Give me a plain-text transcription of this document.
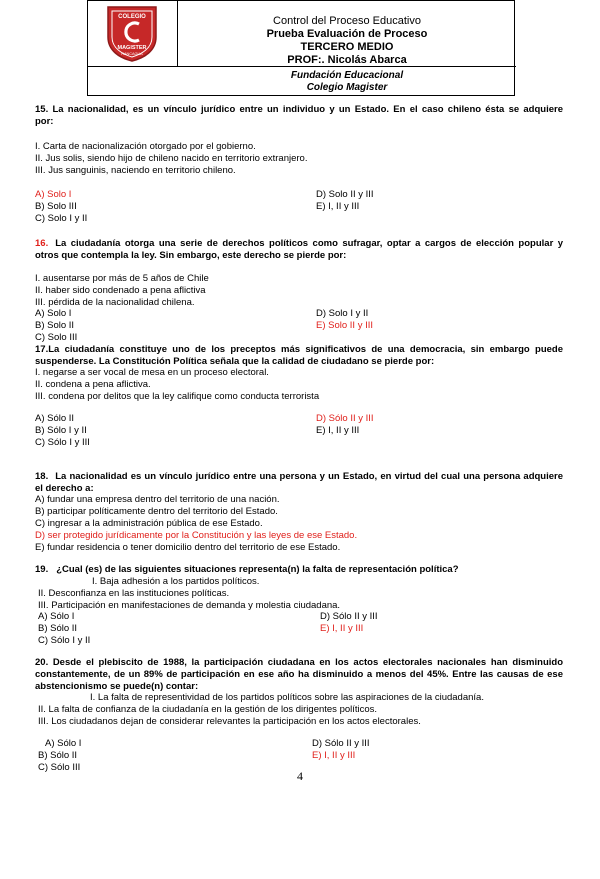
COLEGIO
MAGISTER
RANCAGUA
Control del Proceso Educativo
Prueba Evaluación de Proceso
TERCERO MEDIO
PROF:. Nicolás Abarca
Fundación Educacional
Colegio Magister
15. La nacionalidad, es un vínculo jurídico entre un individuo y un Estado. En el caso chileno ésta se adquiere
por:
I. Carta de nacionalización otorgado por el gobierno.
II. Jus solis, siendo hijo de chileno nacido en territorio extranjero.
III. Jus sanguinis, naciendo en territorio chileno.
A) Solo I
B) Solo III
C) Solo I y II
D) Solo II y III
E) I, II y III
16. La ciudadanía otorga una serie de derechos políticos como sufragar, optar a cargos de elección popular y
otros que contempla la ley. Sin embargo, este derecho se pierde por:
I. ausentarse por más de 5 años de Chile
II. haber sido condenado a pena aflictiva
III. pérdida de la nacionalidad chilena.
A) Solo I
B) Solo II
C) Solo III
D) Solo I y II
E) Solo II y III
17.La ciudadanía constituye uno de los preceptos más significativos de una democracia, sin embargo puede
suspenderse. La Constitución Política señala que la calidad de ciudadano se pierde por:
I. negarse a ser vocal de mesa en un proceso electoral.
II. condena a pena aflictiva.
III. condena por delitos que la ley califique como conducta terrorista
A) Sólo II
B) Sólo I y II
C) Sólo I y III
D) Sólo II y III
E) I, II y III
18. La nacionalidad es un vínculo jurídico entre una persona y un Estado, en virtud del cual una persona adquiere
el derecho a:
A) fundar una empresa dentro del territorio de una nación.
B) participar políticamente dentro del territorio del Estado.
C) ingresar a la administración pública de ese Estado.
D) ser protegido jurídicamente por la Constitución y las leyes de ese Estado.
E) fundar residencia o tener domicilio dentro del territorio de ese Estado.
19. ¿Cual (es) de las siguientes situaciones representa(n) la falta de representación política?
I. Baja adhesión a los partidos políticos.
II. Desconfianza en las instituciones políticas.
III. Participación en manifestaciones de demanda y molestia ciudadana.
A) Sólo I
B) Sólo II
C) Sólo I y II
D) Sólo II y III
E) I, II y III
20. Desde el plebiscito de 1988, la participación ciudadana en los actos electorales nacionales han disminuido
constantemente, de un 89% de participación en ese año ha disminuido a menos del 45%. Entre las causas de ese
abstencionismo se puede(n) contar:
I. La falta de representividad de los partidos políticos sobre las aspiraciones de la ciudadanía.
II. La falta de confianza de la ciudadanía en la gestión de los dirigentes políticos.
III. Los ciudadanos dejan de considerar relevantes la participación en los actos electorales.
A) Sólo I
B) Sólo II
C) Sólo III
D) Sólo II y III
E) I, II y III
4
